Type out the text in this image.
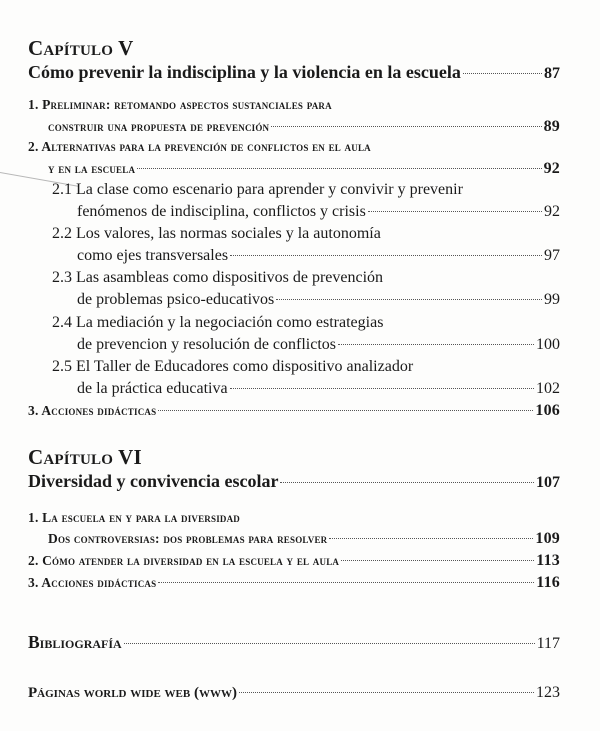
Capítulo V
Cómo prevenir la indisciplina y la violencia en la escuela	87
1. Preliminar: retomando aspectos sustanciales para
construir una propuesta de prevención	89
2. Alternativas para la prevención de conflictos en el aula
y en la escuela	92
2.1 La clase como escenario para aprender y convivir y prevenir
fenómenos de indisciplina, conflictos y crisis	92
2.2 Los valores, las normas sociales y la autonomía
como ejes transversales	97
2.3 Las asambleas como dispositivos de prevención
de problemas psico-educativos	99
2.4 La mediación y la negociación como estrategias
de prevencion y resolución de conflictos	100
2.5 El Taller de Educadores como dispositivo analizador
de la práctica educativa	102
3. Acciones didácticas	106
Capítulo VI
Diversidad y convivencia escolar	107
1. La escuela en y para la diversidad
Dos controversias: dos problemas para resolver	109
2. Cómo atender la diversidad en la escuela y el aula	113
3. Acciones didácticas	116
Bibliografía	117
Páginas world wide web (www)	123
